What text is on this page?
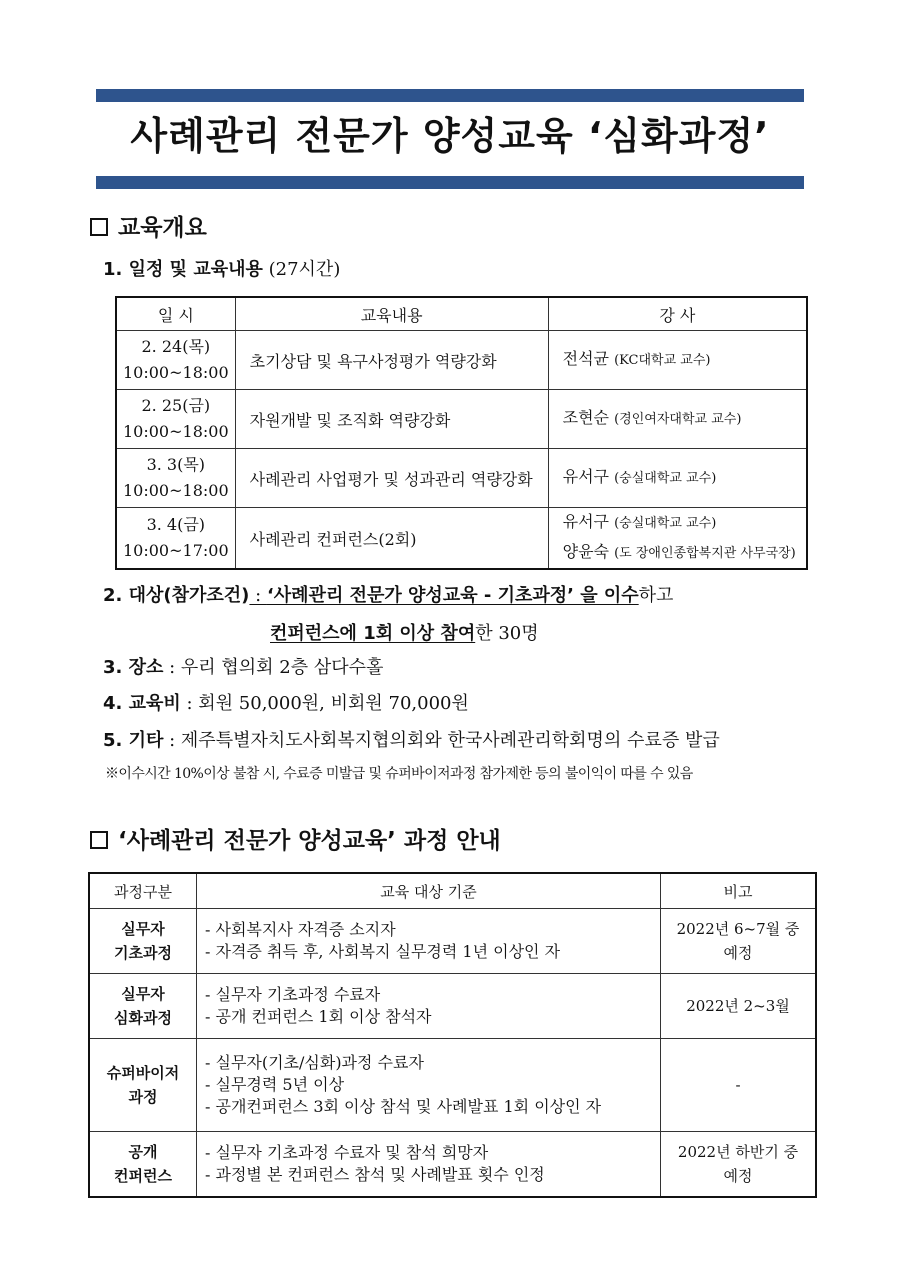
사례관리 전문가 양성교육 ‘심화과정’
교육개요
1. 일정 및 교육내용 (27시간)
일 시	교육내용	강 사
2. 24(목)
10:00~18:00	초기상담 및 욕구사정평가 역량강화	전석균 (KC대학교 교수)
2. 25(금)
10:00~18:00	자원개발 및 조직화 역량강화	조현순 (경인여자대학교 교수)
3. 3(목)
10:00~18:00	사례관리 사업평가 및 성과관리 역량강화	유서구 (숭실대학교 교수)
3. 4(금)
10:00~17:00	사례관리 컨퍼런스(2회)	유서구 (숭실대학교 교수)
양윤숙 (도 장애인종합복지관 사무국장)
2. 대상(참가조건) : ‘사례관리 전문가 양성교육 - 기초과정’ 을 이수하고
컨퍼런스에 1회 이상 참여한 30명
3. 장소 : 우리 협의회 2층 삼다수홀
4. 교육비 : 회원 50,000원, 비회원 70,000원
5. 기타 : 제주특별자치도사회복지협의회와 한국사례관리학회명의 수료증 발급
※이수시간 10%이상 불참 시, 수료증 미발급 및 슈퍼바이저과정 참가제한 등의 불이익이 따를 수 있음
‘사례관리 전문가 양성교육’ 과정 안내
과정구분	교육 대상 기준	비고
실무자
기초과정	- 사회복지사 자격증 소지자
- 자격증 취득 후, 사회복지 실무경력 1년 이상인 자	2022년 6~7월 중
예정
실무자
심화과정	- 실무자 기초과정 수료자
- 공개 컨퍼런스 1회 이상 참석자	2022년 2~3월
슈퍼바이저
과정	- 실무자(기초/심화)과정 수료자
- 실무경력 5년 이상
- 공개컨퍼런스 3회 이상 참석 및 사례발표 1회 이상인 자	-
공개
컨퍼런스	- 실무자 기초과정 수료자 및 참석 희망자
- 과정별 본 컨퍼런스 참석 및 사례발표 횟수 인정	2022년 하반기 중
예정
